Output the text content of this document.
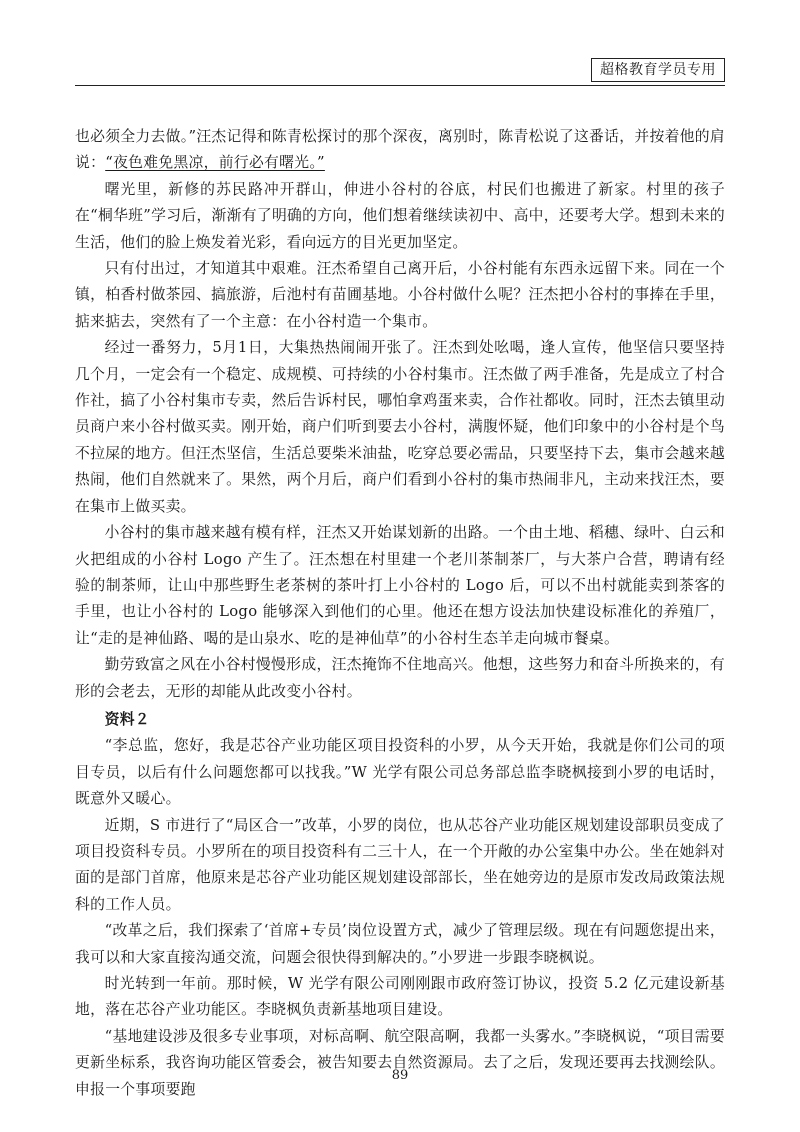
超格教育学员专用

也必须全力去做。”汪杰记得和陈青松探讨的那个深夜，离别时，陈青松说了这番话，并按着他的肩说：“夜色难免黑凉，前行必有曙光。”

曙光里，新修的苏民路冲开群山，伸进小谷村的谷底，村民们也搬进了新家。村里的孩子在“桐华班”学习后，渐渐有了明确的方向，他们想着继续读初中、高中，还要考大学。想到未来的生活，他们的脸上焕发着光彩，看向远方的目光更加坚定。

只有付出过，才知道其中艰难。汪杰希望自己离开后，小谷村能有东西永远留下来。同在一个镇，柏香村做茶园、搞旅游，后池村有苗圃基地。小谷村做什么呢？汪杰把小谷村的事捧在手里，掂来掂去，突然有了一个主意：在小谷村造一个集市。

经过一番努力，5月1日，大集热热闹闹开张了。汪杰到处吆喝，逢人宣传，他坚信只要坚持几个月，一定会有一个稳定、成规模、可持续的小谷村集市。汪杰做了两手准备，先是成立了村合作社，搞了小谷村集市专卖，然后告诉村民，哪怕拿鸡蛋来卖，合作社都收。同时，汪杰去镇里动员商户来小谷村做买卖。刚开始，商户们听到要去小谷村，满腹怀疑，他们印象中的小谷村是个鸟不拉屎的地方。但汪杰坚信，生活总要柴米油盐，吃穿总要必需品，只要坚持下去，集市会越来越热闹，他们自然就来了。果然，两个月后，商户们看到小谷村的集市热闹非凡，主动来找汪杰，要在集市上做买卖。

小谷村的集市越来越有模有样，汪杰又开始谋划新的出路。一个由土地、稻穗、绿叶、白云和火把组成的小谷村 Logo 产生了。汪杰想在村里建一个老川茶制茶厂，与大茶户合营，聘请有经验的制茶师，让山中那些野生老茶树的茶叶打上小谷村的 Logo 后，可以不出村就能卖到茶客的手里，也让小谷村的 Logo 能够深入到他们的心里。他还在想方设法加快建设标准化的养殖厂，让“走的是神仙路、喝的是山泉水、吃的是神仙草”的小谷村生态羊走向城市餐桌。

勤劳致富之风在小谷村慢慢形成，汪杰掩饰不住地高兴。他想，这些努力和奋斗所换来的，有形的会老去，无形的却能从此改变小谷村。

资料２

“李总监，您好，我是芯谷产业功能区项目投资科的小罗，从今天开始，我就是你们公司的项目专员，以后有什么问题您都可以找我。”W 光学有限公司总务部总监李晓枫接到小罗的电话时，既意外又暖心。

近期，S 市进行了“局区合一”改革，小罗的岗位，也从芯谷产业功能区规划建设部职员变成了项目投资科专员。小罗所在的项目投资科有二三十人，在一个开敞的办公室集中办公。坐在她斜对面的是部门首席，他原来是芯谷产业功能区规划建设部部长，坐在她旁边的是原市发改局政策法规科的工作人员。

“改革之后，我们探索了‘首席+专员’岗位设置方式，减少了管理层级。现在有问题您提出来，我可以和大家直接沟通交流，问题会很快得到解决的。”小罗进一步跟李晓枫说。

时光转到一年前。那时候，W 光学有限公司刚刚跟市政府签订协议，投资 5.2 亿元建设新基地，落在芯谷产业功能区。李晓枫负责新基地项目建设。

“基地建设涉及很多专业事项，对标高啊、航空限高啊，我都一头雾水。”李晓枫说，“项目需要更新坐标系，我咨询功能区管委会，被告知要去自然资源局。去了之后，发现还要再去找测绘队。申报一个事项要跑

89
